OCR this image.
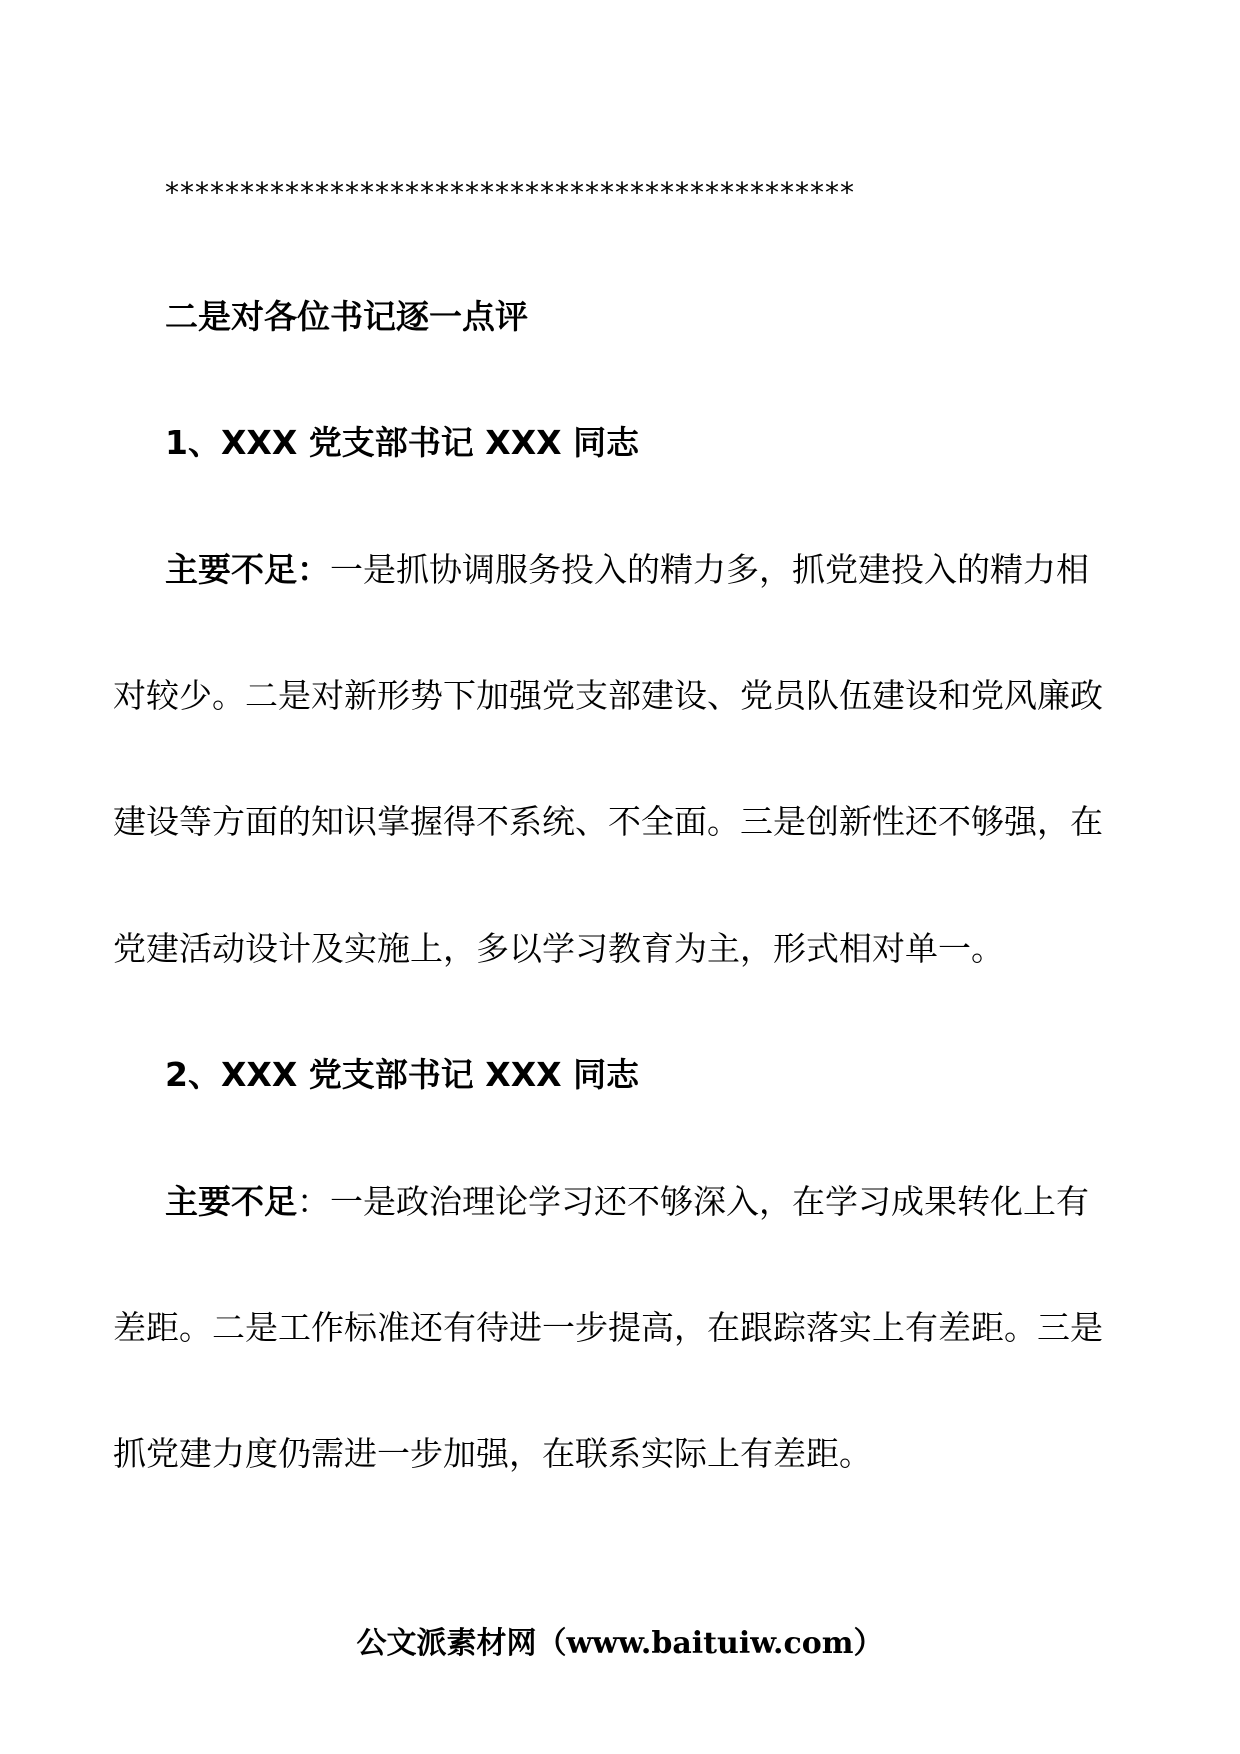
**********************************************
二是对各位书记逐一点评
1、XXX 党支部书记 XXX 同志
主要不足：一是抓协调服务投入的精力多，抓党建投入的精力相
对较少。二是对新形势下加强党支部建设、党员队伍建设和党风廉政
建设等方面的知识掌握得不系统、不全面。三是创新性还不够强，在
党建活动设计及实施上，多以学习教育为主，形式相对单一。
2、XXX 党支部书记 XXX 同志
主要不足：一是政治理论学习还不够深入，在学习成果转化上有
差距。二是工作标准还有待进一步提高，在跟踪落实上有差距。三是
抓党建力度仍需进一步加强，在联系实际上有差距。
公文派素材网（www.baituiw.com）
